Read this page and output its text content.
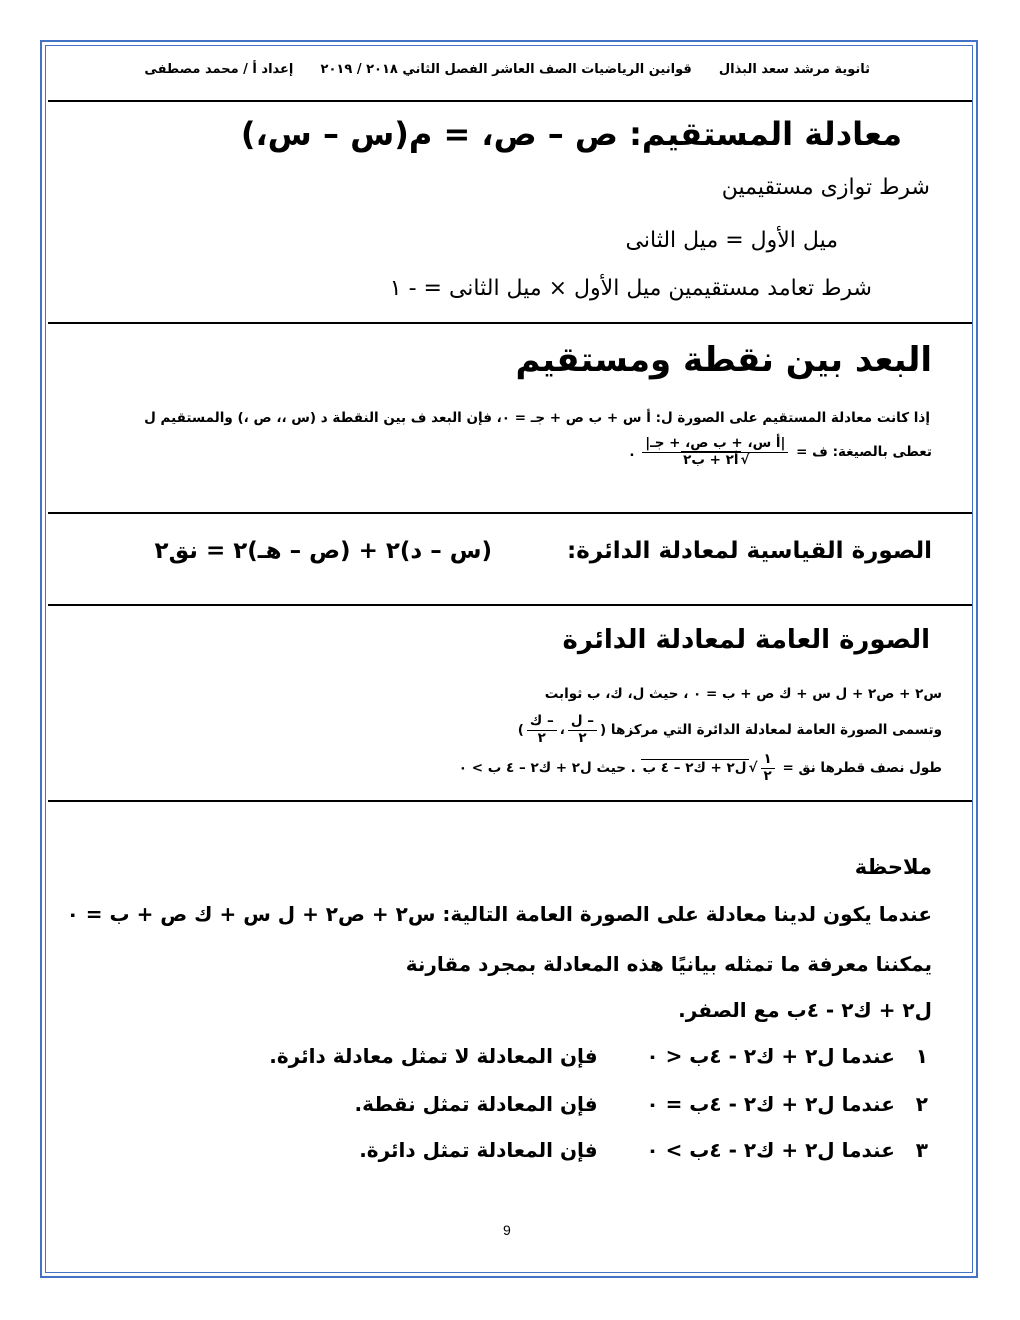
ثانوية مرشد سعد البذال      قوانين الرياضيات الصف العاشر الفصل الثاني ٢٠١٨ / ٢٠١٩      إعداد أ / محمد مصطفى
معادلة المستقيم: ص – ص، = م(س – س،)
شرط توازى مستقيمين
ميل الأول = ميل الثانى
شرط تعامد مستقيمين ميل الأول × ميل الثانى = - ١
البعد بين نقطة ومستقيم
إذا كانت معادلة المستقيم على الصورة ل: أ س + ب ص + جـ = ٠، فإن البعد ف بين النقطة د (س ،، ص ،) والمستقيم ل
تعطى بالصيغة: ف =
$\frac{\text{|أ س، + ب ص، + جـ|}}{\text{√أ٢ + ب٢}}$
.
الصورة القياسية لمعادلة الدائرة:
(س – د)٢ + (ص – هـ)٢ = نق٢
الصورة العامة لمعادلة الدائرة
س٢ + ص٢ + ل س + ك ص + ب = ٠ ، حيث ل، ك، ب ثوابت
وتسمى الصورة العامة لمعادلة الدائرة التي مركزها (
$\frac{\text{– ل}}{٢}$
،
$\frac{\text{– ك}}{٢}$
)
طول نصف قطرها نق =
$\frac{١}{٢}$
√ل٢ + ك٢ – ٤ ب . حيث ل٢ + ك٢ – ٤ ب > ٠
ملاحظة
عندما يكون لدينا معادلة على الصورة العامة التالية: س٢ + ص٢ + ل س + ك ص + ب = ٠
يمكننا معرفة ما تمثله بيانيًا هذه المعادلة بمجرد مقارنة
ل٢ + ك٢ - ٤ب مع الصفر.
١   عندما ل٢ + ك٢ - ٤ب < ٠       فإن المعادلة لا تمثل معادلة دائرة.
٢   عندما ل٢ + ك٢ - ٤ب = ٠       فإن المعادلة تمثل نقطة.
٣   عندما ل٢ + ك٢ - ٤ب > ٠       فإن المعادلة تمثل دائرة.
9
